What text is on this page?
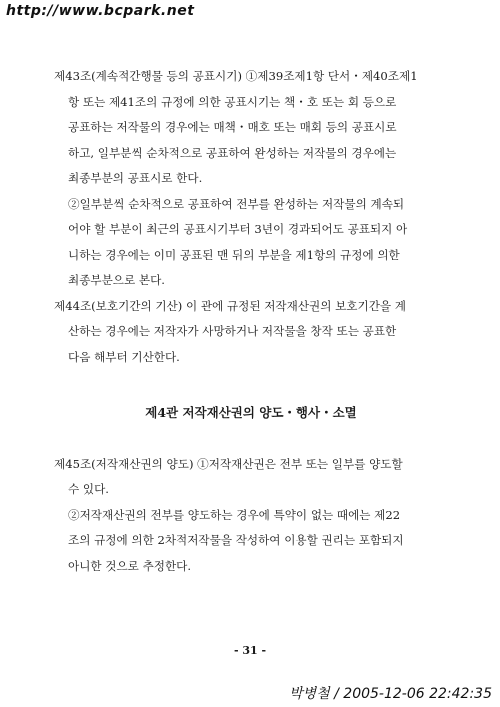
http://www.bcpark.net
제43조(계속적간행물 등의 공표시기) ①제39조제1항 단서・제40조제1
항 또는 제41조의 규정에 의한 공표시기는 책・호 또는 회 등으로
공표하는 저작물의 경우에는 매책・매호 또는 매회 등의 공표시로
하고, 일부분씩 순차적으로 공표하여 완성하는 저작물의 경우에는
최종부분의 공표시로 한다.
②일부분씩 순차적으로 공표하여 전부를 완성하는 저작물의 계속되
어야 할 부분이 최근의 공표시기부터 3년이 경과되어도 공표되지 아
니하는 경우에는 이미 공표된 맨 뒤의 부분을 제1항의 규정에 의한
최종부분으로 본다.
제44조(보호기간의 기산) 이 관에 규정된 저작재산권의 보호기간을 계
산하는 경우에는 저작자가 사망하거나 저작물을 창작 또는 공표한
다음 해부터 기산한다.
제4관 저작재산권의 양도・행사・소멸
제45조(저작재산권의 양도) ①저작재산권은 전부 또는 일부를 양도할
수 있다.
②저작재산권의 전부를 양도하는 경우에 특약이 없는 때에는 제22
조의 규정에 의한 2차적저작물을 작성하여 이용할 권리는 포함되지
아니한 것으로 추정한다.
- 31 -
박병철 / 2005-12-06 22:42:35
